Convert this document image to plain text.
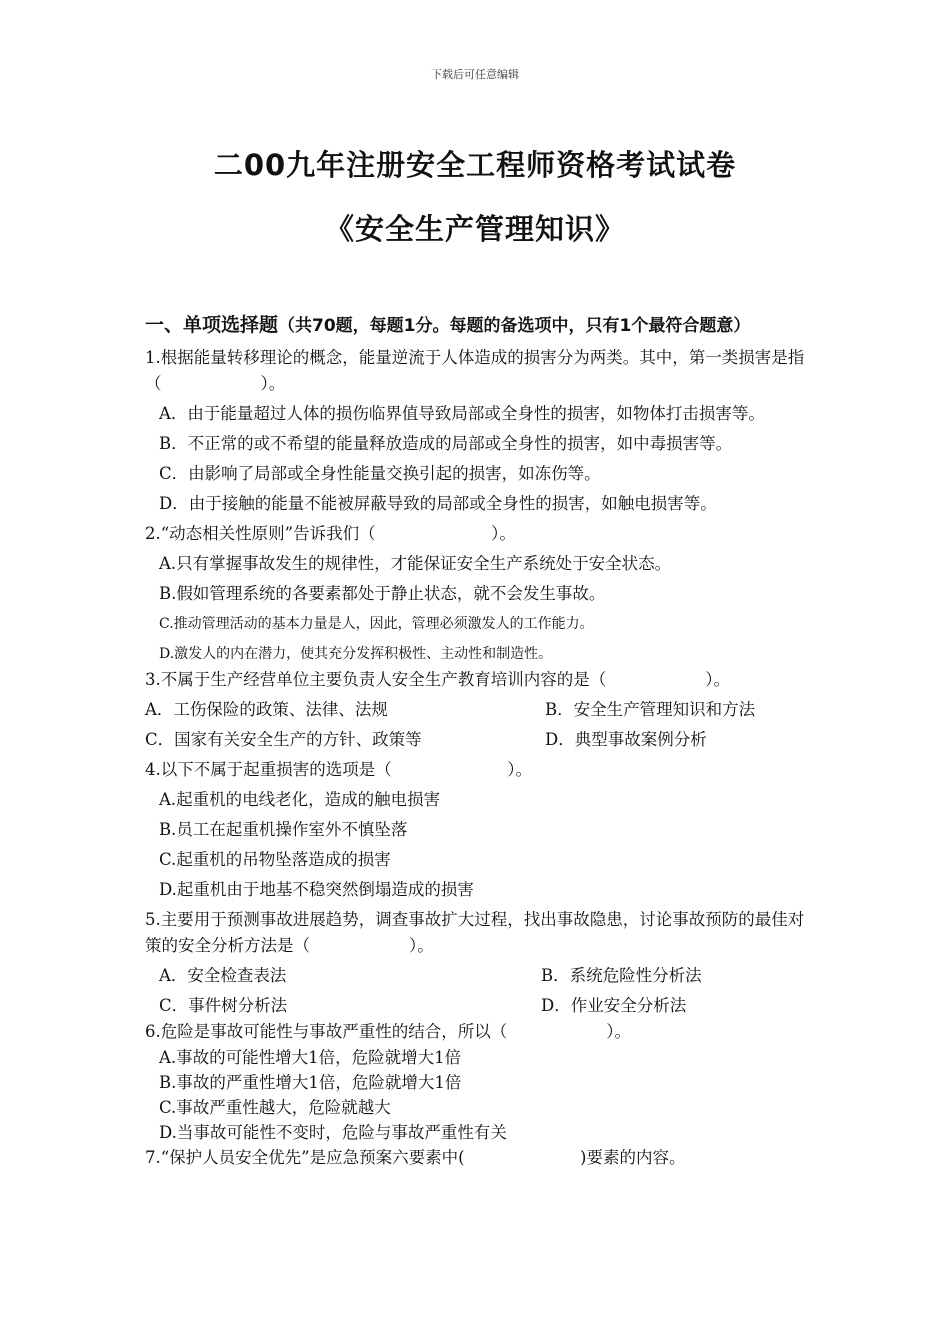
下载后可任意编辑
二00九年注册安全工程师资格考试试卷
《安全生产管理知识》
一、单项选择题（共70题，每题1分。每题的备选项中，只有1个最符合题意）

1.根据能量转移理论的概念，能量逆流于人体造成的损害分为两类。其中，第一类损害是指（　　　　　　）。

A．由于能量超过人体的损伤临界值导致局部或全身性的损害，如物体打击损害等。

B．不正常的或不希望的能量释放造成的局部或全身性的损害，如中毒损害等。

C．由影响了局部或全身性能量交换引起的损害，如冻伤等。

D．由于接触的能量不能被屏蔽导致的局部或全身性的损害，如触电损害等。

2.“动态相关性原则”告诉我们（　　　　　　　）。

A.只有掌握事故发生的规律性，才能保证安全生产系统处于安全状态。

B.假如管理系统的各要素都处于静止状态，就不会发生事故。

C.推动管理活动的基本力量是人，因此，管理必须激发人的工作能力。

D.激发人的内在潜力，使其充分发挥积极性、主动性和制造性。

3.不属于生产经营单位主要负责人安全生产教育培训内容的是（　　　　　　）。

A．工伤保险的政策、法律、法规	B．安全生产管理知识和方法
C．国家有关安全生产的方针、政策等	D．典型事故案例分析

4.以下不属于起重损害的选项是（　　　　　　　）。

A.起重机的电线老化，造成的触电损害

B.员工在起重机操作室外不慎坠落

C.起重机的吊物坠落造成的损害

D.起重机由于地基不稳突然倒塌造成的损害

5.主要用于预测事故进展趋势，调查事故扩大过程，找出事故隐患，讨论事故预防的最佳对策的安全分析方法是（　　　　　　）。

A．安全检查表法	B．系统危险性分析法
C．事件树分析法	D．作业安全分析法

6.危险是事故可能性与事故严重性的结合，所以（　　　　　　）。

A.事故的可能性增大1倍，危险就增大1倍

B.事故的严重性增大1倍，危险就增大1倍

C.事故严重性越大，危险就越大

D.当事故可能性不变时，危险与事故严重性有关

7.“保护人员安全优先”是应急预案六要素中(　　　　　　　)要素的内容。
